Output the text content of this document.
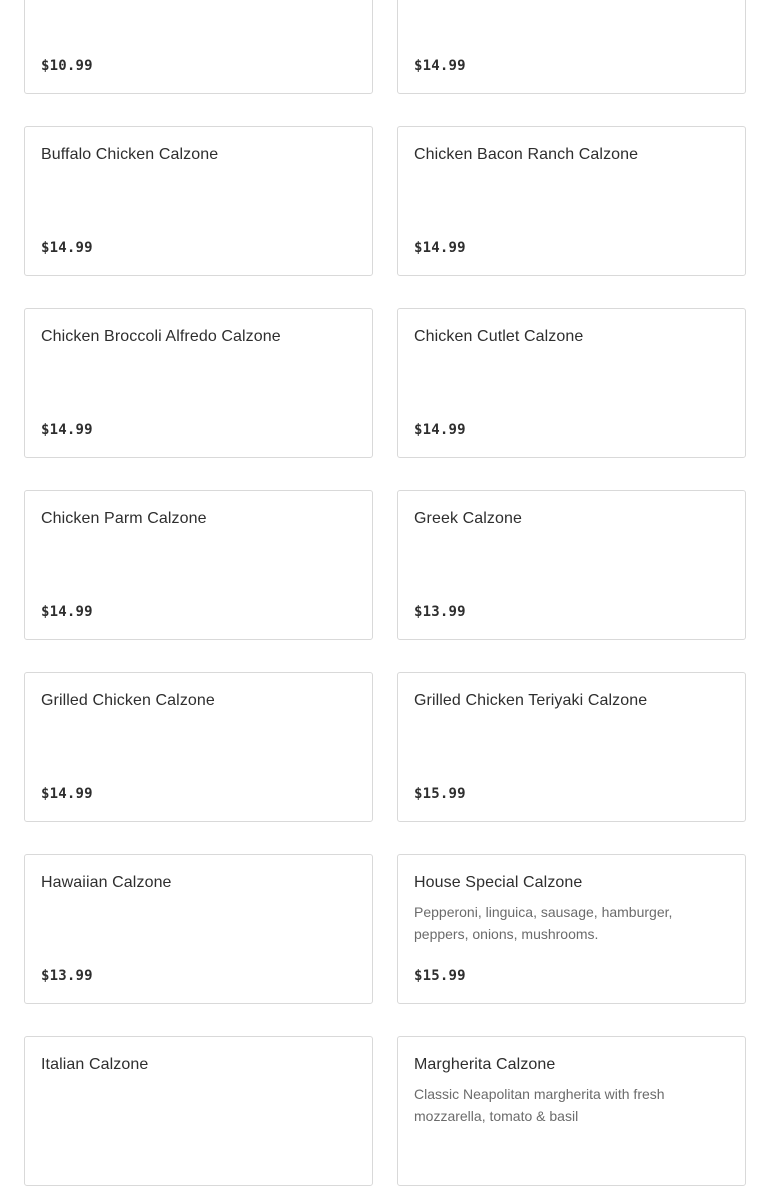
$10.99	$14.99
Buffalo Chicken Calzone
$14.99
Chicken Bacon Ranch Calzone
$14.99
Chicken Broccoli Alfredo Calzone
$14.99
Chicken Cutlet Calzone
$14.99
Chicken Parm Calzone
$14.99
Greek Calzone
$13.99
Grilled Chicken Calzone
$14.99
Grilled Chicken Teriyaki Calzone
$15.99
Hawaiian Calzone
$13.99
House Special Calzone
Pepperoni, linguica, sausage, hamburger, peppers, onions, mushrooms.
$15.99
Italian Calzone	Margherita Calzone
Classic Neapolitan margherita with fresh mozzarella, tomato & basil
